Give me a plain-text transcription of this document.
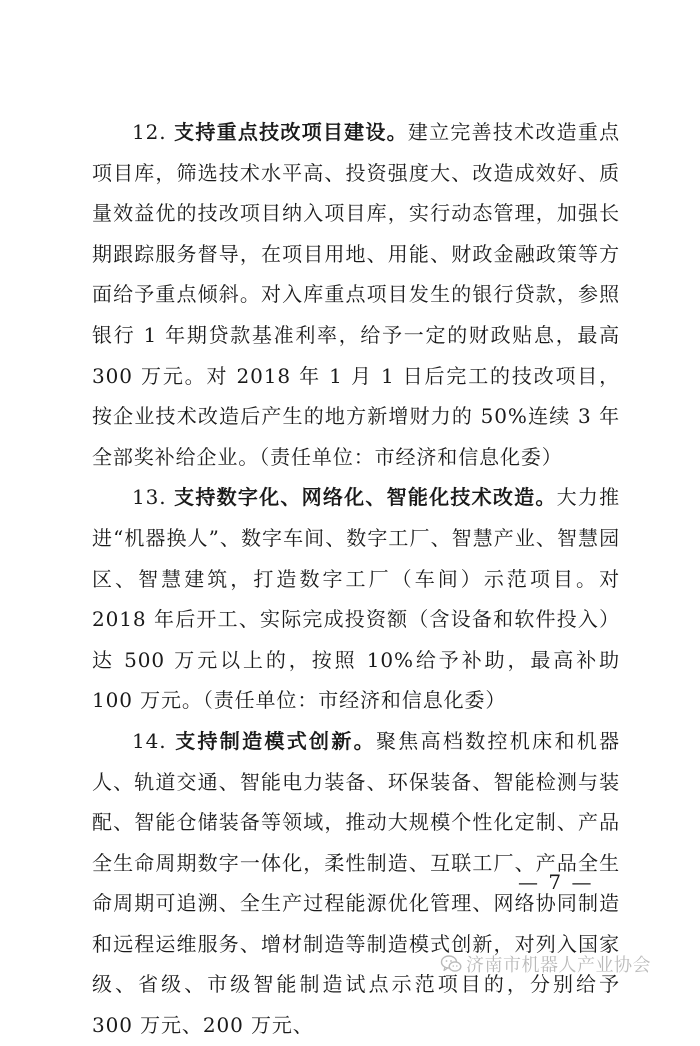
12. 支持重点技改项目建设。建立完善技术改造重点项目库，筛选技术水平高、投资强度大、改造成效好、质量效益优的技改项目纳入项目库，实行动态管理，加强长期跟踪服务督导，在项目用地、用能、财政金融政策等方面给予重点倾斜。对入库重点项目发生的银行贷款，参照银行 1 年期贷款基准利率，给予一定的财政贴息，最高 300 万元。对 2018 年 1 月 1 日后完工的技改项目，按企业技术改造后产生的地方新增财力的 50%连续 3 年全部奖补给企业。（责任单位：市经济和信息化委）

13. 支持数字化、网络化、智能化技术改造。大力推进“机器换人”、数字车间、数字工厂、智慧产业、智慧园区、智慧建筑，打造数字工厂（车间）示范项目。对 2018 年后开工、实际完成投资额（含设备和软件投入）达 500 万元以上的，按照 10%给予补助，最高补助 100 万元。（责任单位：市经济和信息化委）

14. 支持制造模式创新。聚焦高档数控机床和机器人、轨道交通、智能电力装备、环保装备、智能检测与装配、智能仓储装备等领域，推动大规模个性化定制、产品全生命周期数字一体化，柔性制造、互联工厂、产品全生命周期可追溯、全生产过程能源优化管理、网络协同制造和远程运维服务、增材制造等制造模式创新，对列入国家级、省级、市级智能制造试点示范项目的，分别给予 300 万元、200 万元、

— 7 —
济南市机器人产业协会
